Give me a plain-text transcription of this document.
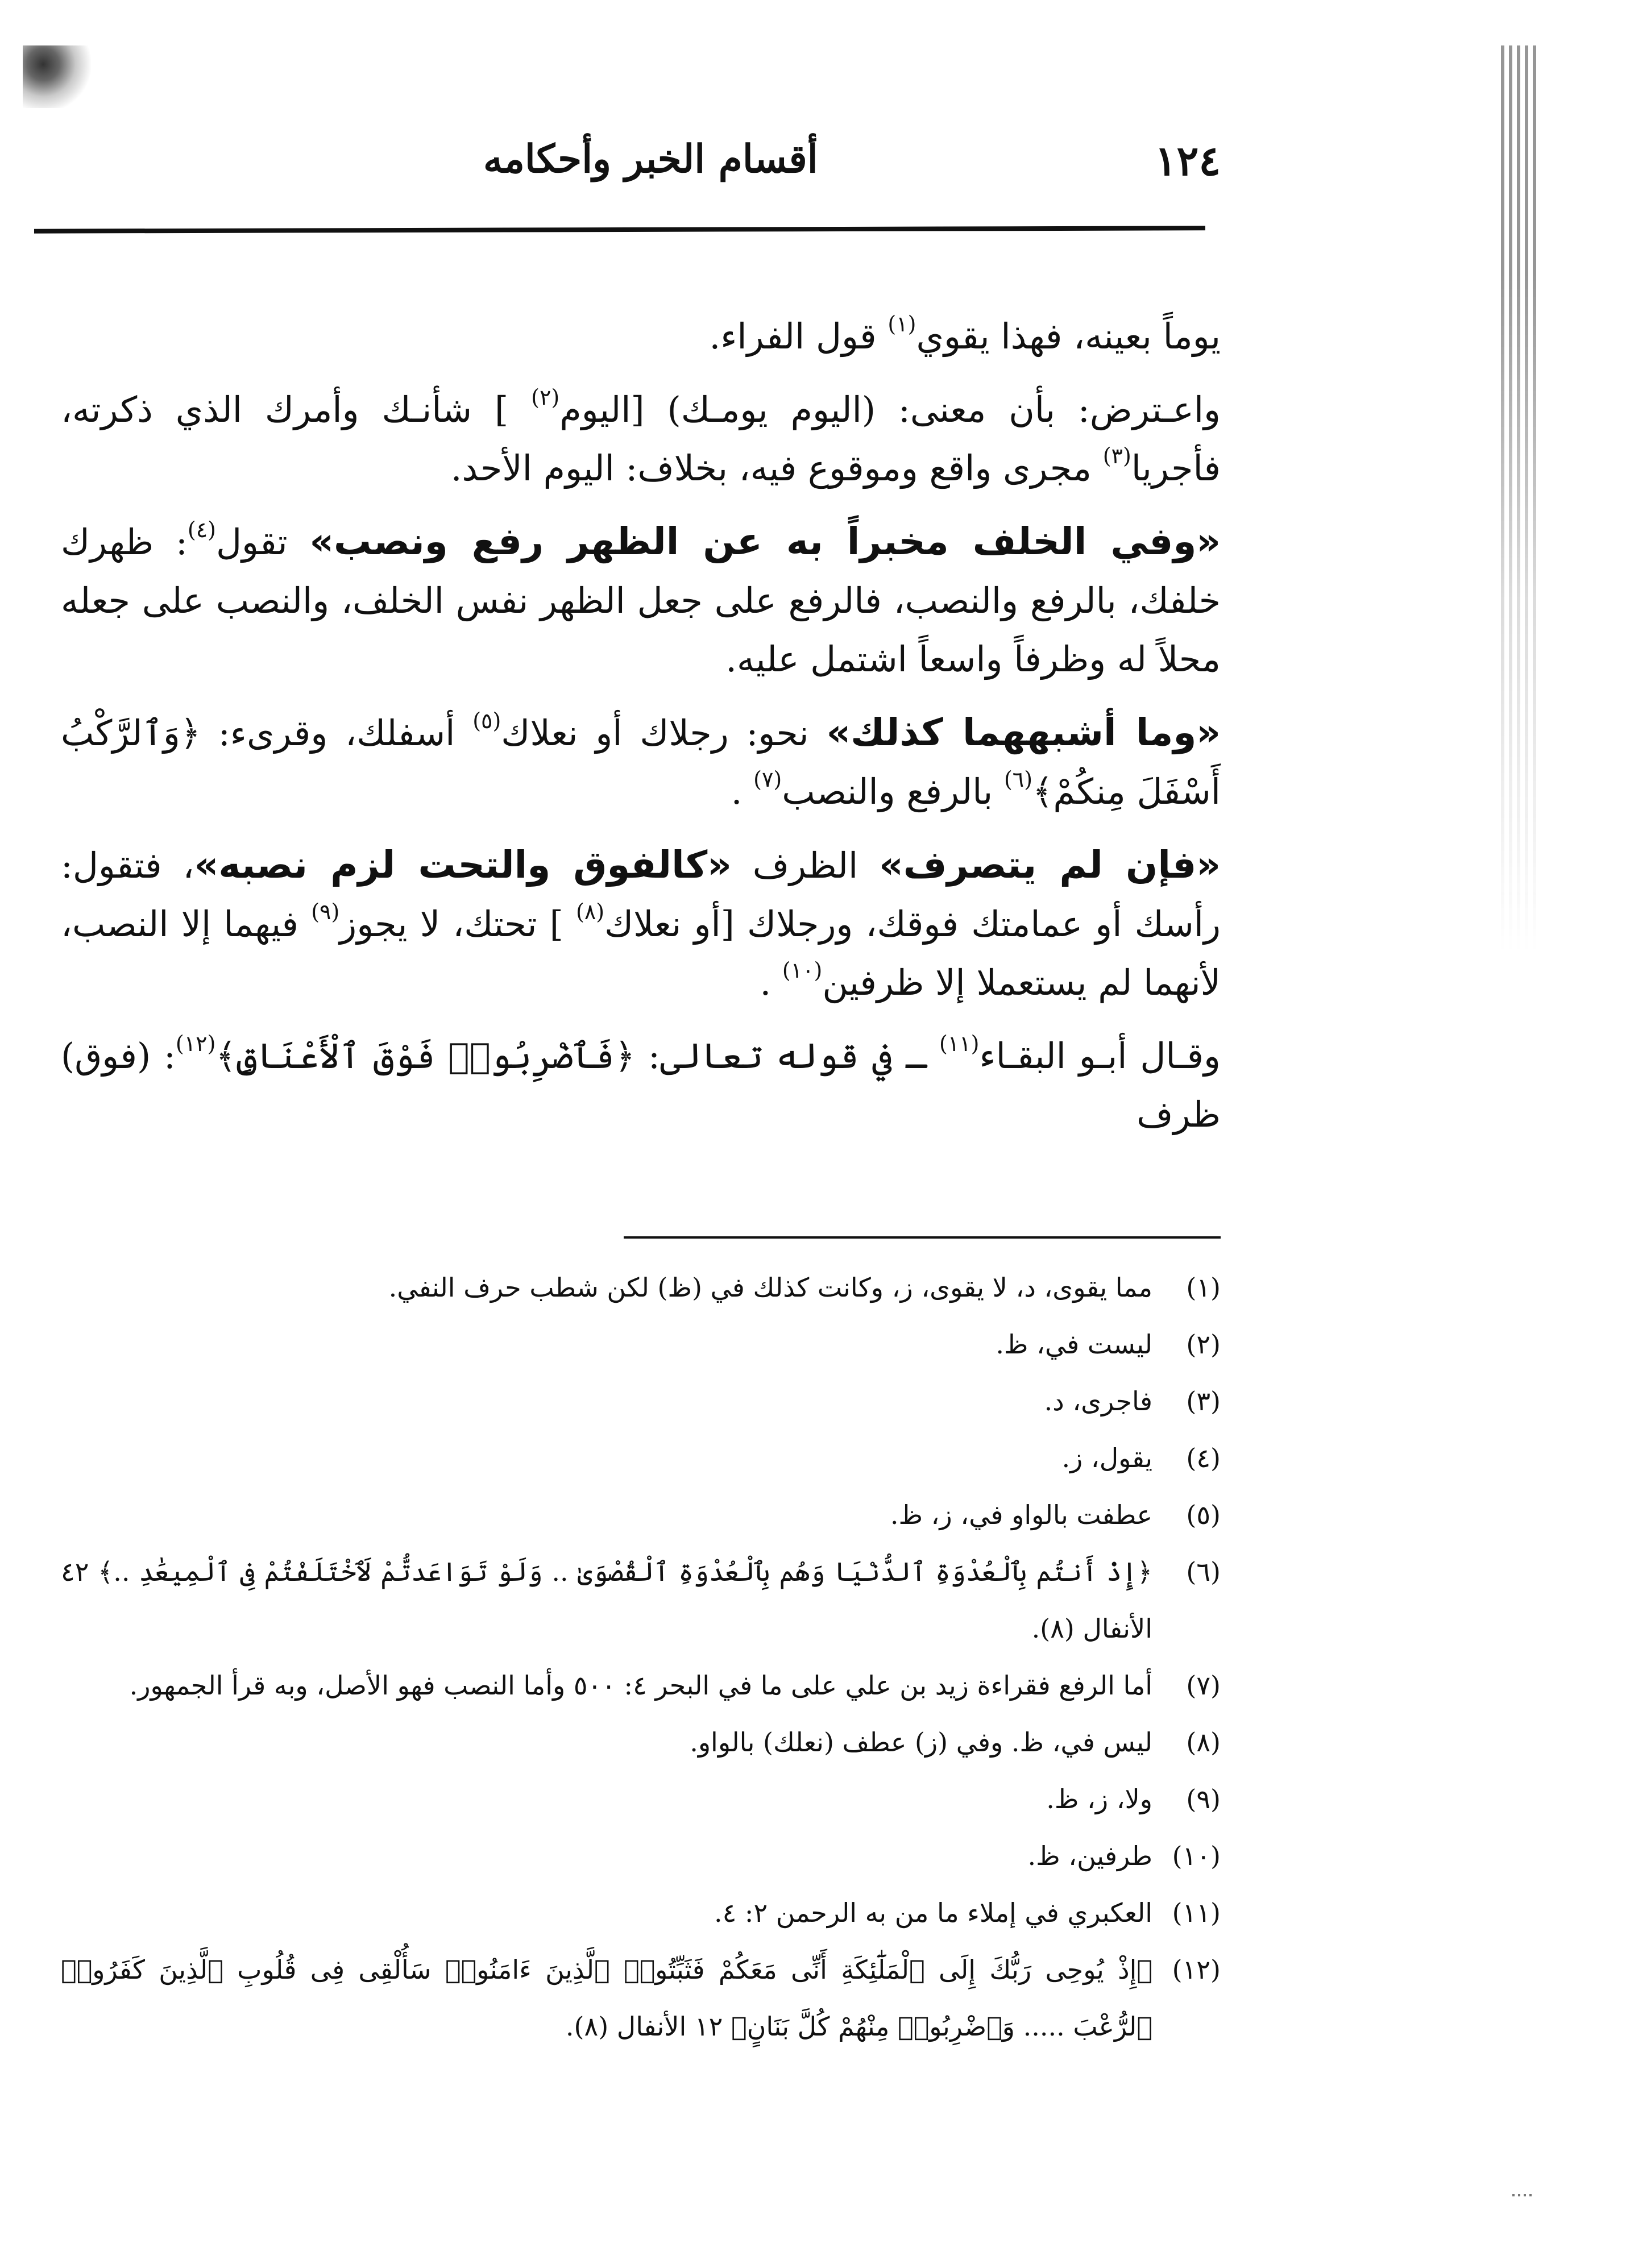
١٢٤
أقسام الخبر وأحكامه

يوماً بعينه، فهذا يقوي$^{(١)}$ قول الفراء.

واعـترض: بأن معنى: (اليوم يومـك) [اليوم$^{(٢)}$ ] شأنـك وأمرك الذي ذكرته، فأجريا$^{(٣)}$ مجرى واقع وموقوع فيه، بخلاف: اليوم الأحد.

«وفي الخلف مخبراً به عن الظهر رفع ونصب» تقول$^{(٤)}$: ظهرك خلفك، بالرفع والنصب، فالرفع على جعل الظهر نفس الخلف، والنصب على جعله محلاً له وظرفاً واسعاً اشتمل عليه.

«وما أشبههما كذلك» نحو: رجلاك أو نعلاك$^{(٥)}$ أسفلك، وقرىء: ﴿وَٱلرَّكْبُ أَسْفَلَ مِنكُمْ﴾$^{(٦)}$ بالرفع والنصب$^{(٧)}$ .

«فإن لم يتصرف» الظرف «كالفوق والتحت لزم نصبه»، فتقول: رأسك أو عمامتك فوقك، ورجلاك [أو نعلاك$^{(٨)}$ ] تحتك، لا يجوز$^{(٩)}$ فيهما إلا النصب، لأنهما لم يستعملا إلا ظرفين$^{(١٠)}$ .

وقـال أبـو البقـاء$^{(١١)}$ ـ في قوله تعالى: ﴿فَٱضْرِبُوا۟ فَوْقَ ٱلْأَعْنَاقِ﴾$^{(١٢)}$: (فوق) ظرف

(١)
مما يقوى، د، لا يقوى، ز، وكانت كذلك في (ظ) لكن شطب حرف النفي.
(٢)
ليست في، ظ.
(٣)
فاجرى، د.
(٤)
يقول، ز.
(٥)
عطفت بالواو في، ز، ظ.
(٦)
﴿إِذْ أَنتُم بِٱلْعُدْوَةِ ٱلدُّنْيَا وَهُم بِٱلْعُدْوَةِ ٱلْقُصْوَىٰ .. وَلَوْ تَوَاعَدتُّمْ لَٱخْتَلَفْتُمْ فِى ٱلْمِيعَٰدِ ..﴾ ٤٢ الأنفال (٨).
(٧)
أما الرفع فقراءة زيد بن علي على ما في البحر ٤: ٥٠٠ وأما النصب فهو الأصل، وبه قرأ الجمهور.
(٨)
ليس في، ظ. وفي (ز) عطف (نعلك) بالواو.
(٩)
ولا، ز، ظ.
(١٠)
طرفين، ظ.
(١١)
العكبري في إملاء ما من به الرحمن ٢: ٤.
(١٢)
﴿إِذْ يُوحِى رَبُّكَ إِلَى ٱلْمَلَٰٓئِكَةِ أَنِّى مَعَكُمْ فَثَبِّتُوا۟ ٱلَّذِينَ ءَامَنُوا۟ سَأُلْقِى فِى قُلُوبِ ٱلَّذِينَ كَفَرُوا۟ ٱلرُّعْبَ ..... وَٱضْرِبُوا۟ مِنْهُمْ كُلَّ بَنَانٍ﴾ ١٢ الأنفال (٨).
